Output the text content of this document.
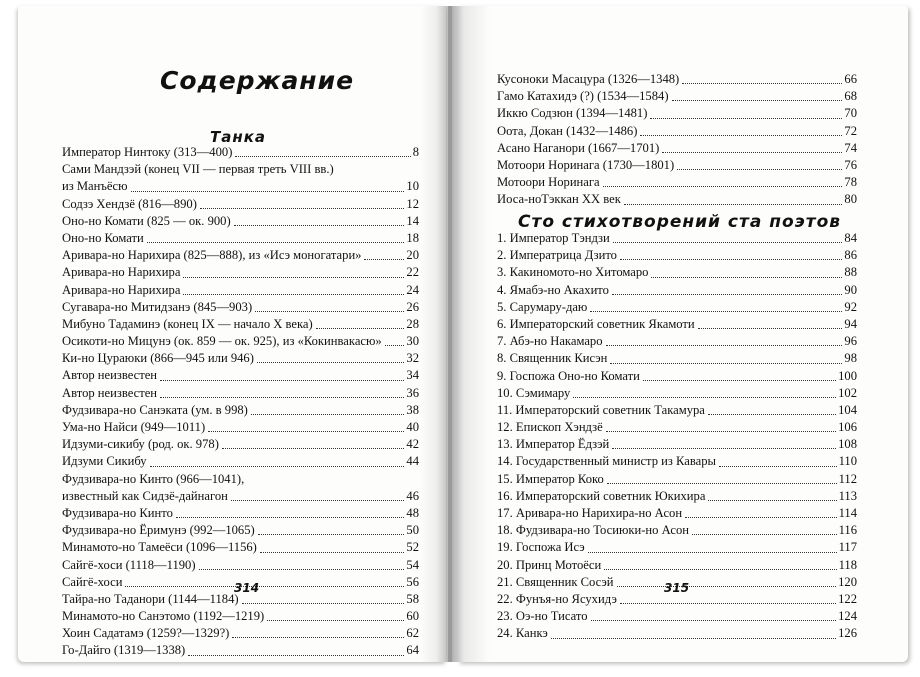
Содержание
Танка
Император Нинтоку (313—400)	8
Сами Мандзэй (конец VII — первая треть VIII вв.)
из Манъёсю	10
Содзэ Хендзё (816—890)	12
Оно-но Комати (825 — ок. 900)	14
Оно-но Комати	18
Аривара-но Нарихира (825—888), из «Исэ моногатари»	20
Аривара-но Нарихира	22
Аривара-но Нарихира	24
Сугавара-но Митидзанэ (845—903)	26
Мибуно Тадаминэ (конец IX — начало X века)	28
Осикоти-но Мицунэ (ок. 859 — ок. 925), из «Кокинвакасю» 30
Ки-но Цураюки (866—945 или 946)	32
Автор неизвестен	34
Автор неизвестен	36
Фудзивара-но Санэката (ум. в 998)	38
Ума-но Найси (949—1011)	40
Идзуми-сикибу (род. ок. 978)	42
Идзуми Сикибу	44
Фудзивара-но Кинто (966—1041),
известный как Сидзё-дайнагон	46
Фудзивара-но Кинто	48
Фудзивара-но Ёримунэ (992—1065)	50
Минамото-но Тамеёси (1096—1156)	52
Сайгё-хоси (1118—1190)	54
Сайгё-хоси	56
Тайра-но Таданори (1144—1184)	58
Минамото-но Санэтомо (1192—1219)	60
Хоин Садатамэ (1259?—1329?)	62
Го-Дайго (1319—1338)	64
314
Кусоноки Масацура (1326—1348)	66
Гамо Катахидэ (?) (1534—1584)	68
Иккю Содзюн (1394—1481)	70
Оота, Докан (1432—1486)	72
Асано Наганори (1667—1701)	74
Мотоори Норинага (1730—1801)	76
Мотоори Норинага	78
Иоса-ноТэккан XX век	80
Сто стихотворений ста поэтов
1. Император Тэндзи	84
2. Императрица Дзито	86
3. Какиномото-но Хитомаро	88
4. Ямабэ-но Акахито	90
5. Сарумару-даю	92
6. Императорский советник Якамоти	94
7. Абэ-но Накамаро	96
8. Священник Кисэн	98
9. Госпожа Оно-но Комати	100
10. Сэмимару	102
11. Императорский советник Такамура	104
12. Епископ Хэндзё	106
13. Император Ёдзэй	108
14. Государственный министр из Кавары	110
15. Император Коко	112
16. Императорский советник Юкихира	113
17. Аривара-но Нарихира-но Асон	114
18. Фудзивара-но Тосиюки-но Асон	116
19. Госпожа Исэ	117
20. Принц Мотоёси	118
21. Священник Сосэй	120
22. Фунъя-но Ясухидэ	122
23. Оэ-но Тисато	124
24. Канкэ	126
315
